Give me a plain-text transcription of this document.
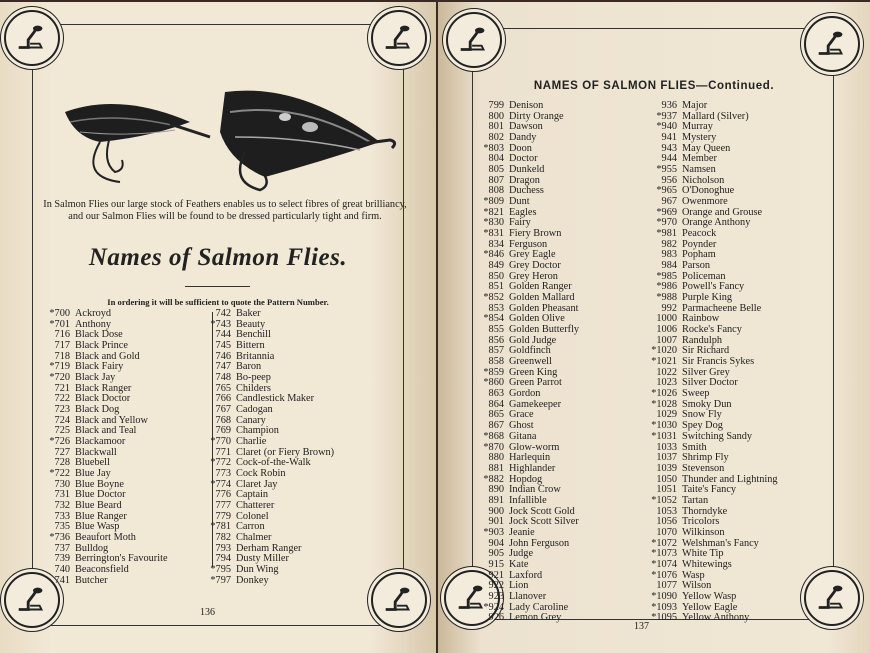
In Salmon Flies our large stock of Feathers enables us to select fibres of great brilliancy, and our Salmon Flies will be found to be dressed particularly tight and firm.
Names of Salmon Flies.
In ordering it will be sufficient to quote the Pattern Number.
*700 Ackroyd
*701 Anthony
716 Black Dose
717 Black Prince
718 Black and Gold
*719 Black Fairy
*720 Black Jay
721 Black Ranger
722 Black Doctor
723 Black Dog
724 Black and Yellow
725 Black and Teal
*726 Blackamoor
727 Blackwall
728 Bluebell
*722 Blue Jay
730 Blue Boyne
731 Blue Doctor
732 Blue Beard
733 Blue Ranger
735 Blue Wasp
*736 Beaufort Moth
737 Bulldog
739 Berrington's Favourite
740 Beaconsfield
741 Butcher
742 Baker
*743 Beauty
744 Benchill
745 Bittern
746 Britannia
747 Baron
748 Bo-peep
765 Childers
766 Candlestick Maker
767 Cadogan
768 Canary
769 Champion
*770 Charlie
771 Claret (or Fiery Brown)
*772 Cock-of-the-Walk
773 Cock Robin
*774 Claret Jay
776 Captain
777 Chatterer
779 Colonel
*781 Carron
782 Chalmer
793 Derham Ranger
794 Dusty Miller
*795 Dun Wing
*797 Donkey
136
NAMES OF SALMON FLIES—Continued.
799 Denison
800 Dirty Orange
801 Dawson
802 Dandy
*803 Doon
804 Doctor
805 Dunkeld
807 Dragon
808 Duchess
*809 Dunt
*821 Eagles
*830 Fairy
*831 Fiery Brown
834 Ferguson
*846 Grey Eagle
849 Grey Doctor
850 Grey Heron
851 Golden Ranger
*852 Golden Mallard
853 Golden Pheasant
*854 Golden Olive
855 Golden Butterfly
856 Gold Judge
857 Goldfinch
858 Greenwell
*859 Green King
*860 Green Parrot
863 Gordon
864 Gamekeeper
865 Grace
867 Ghost
*868 Gitana
*870 Glow-worm
880 Harlequin
881 Highlander
*882 Hopdog
890 Indian Crow
891 Infallible
900 Jock Scott Gold
901 Jock Scott Silver
*903 Jeanie
904 John Ferguson
905 Judge
915 Kate
921 Laxford
922 Lion
923 Llanover
*924 Lady Caroline
926 Lemon Grey
936 Major
*937 Mallard (Silver)
*940 Murray
941 Mystery
943 May Queen
944 Member
*955 Namsen
956 Nicholson
*965 O'Donoghue
967 Owenmore
*969 Orange and Grouse
*970 Orange Anthony
*981 Peacock
982 Poynder
983 Popham
984 Parson
*985 Policeman
*986 Powell's Fancy
*988 Purple King
992 Parmacheene Belle
1000 Rainbow
1006 Rocke's Fancy
1007 Randulph
*1020 Sir Richard
*1021 Sir Francis Sykes
1022 Silver Grey
1023 Silver Doctor
*1026 Sweep
*1028 Smoky Dun
1029 Snow Fly
*1030 Spey Dog
*1031 Switching Sandy
1033 Smith
1037 Shrimp Fly
1039 Stevenson
1050 Thunder and Lightning
1051 Taite's Fancy
*1052 Tartan
1053 Thorndyke
1056 Tricolors
1070 Wilkinson
*1072 Welshman's Fancy
*1073 White Tip
*1074 Whitewings
*1076 Wasp
1077 Wilson
*1090 Yellow Wasp
*1093 Yellow Eagle
*1095 Yellow Anthony
137
